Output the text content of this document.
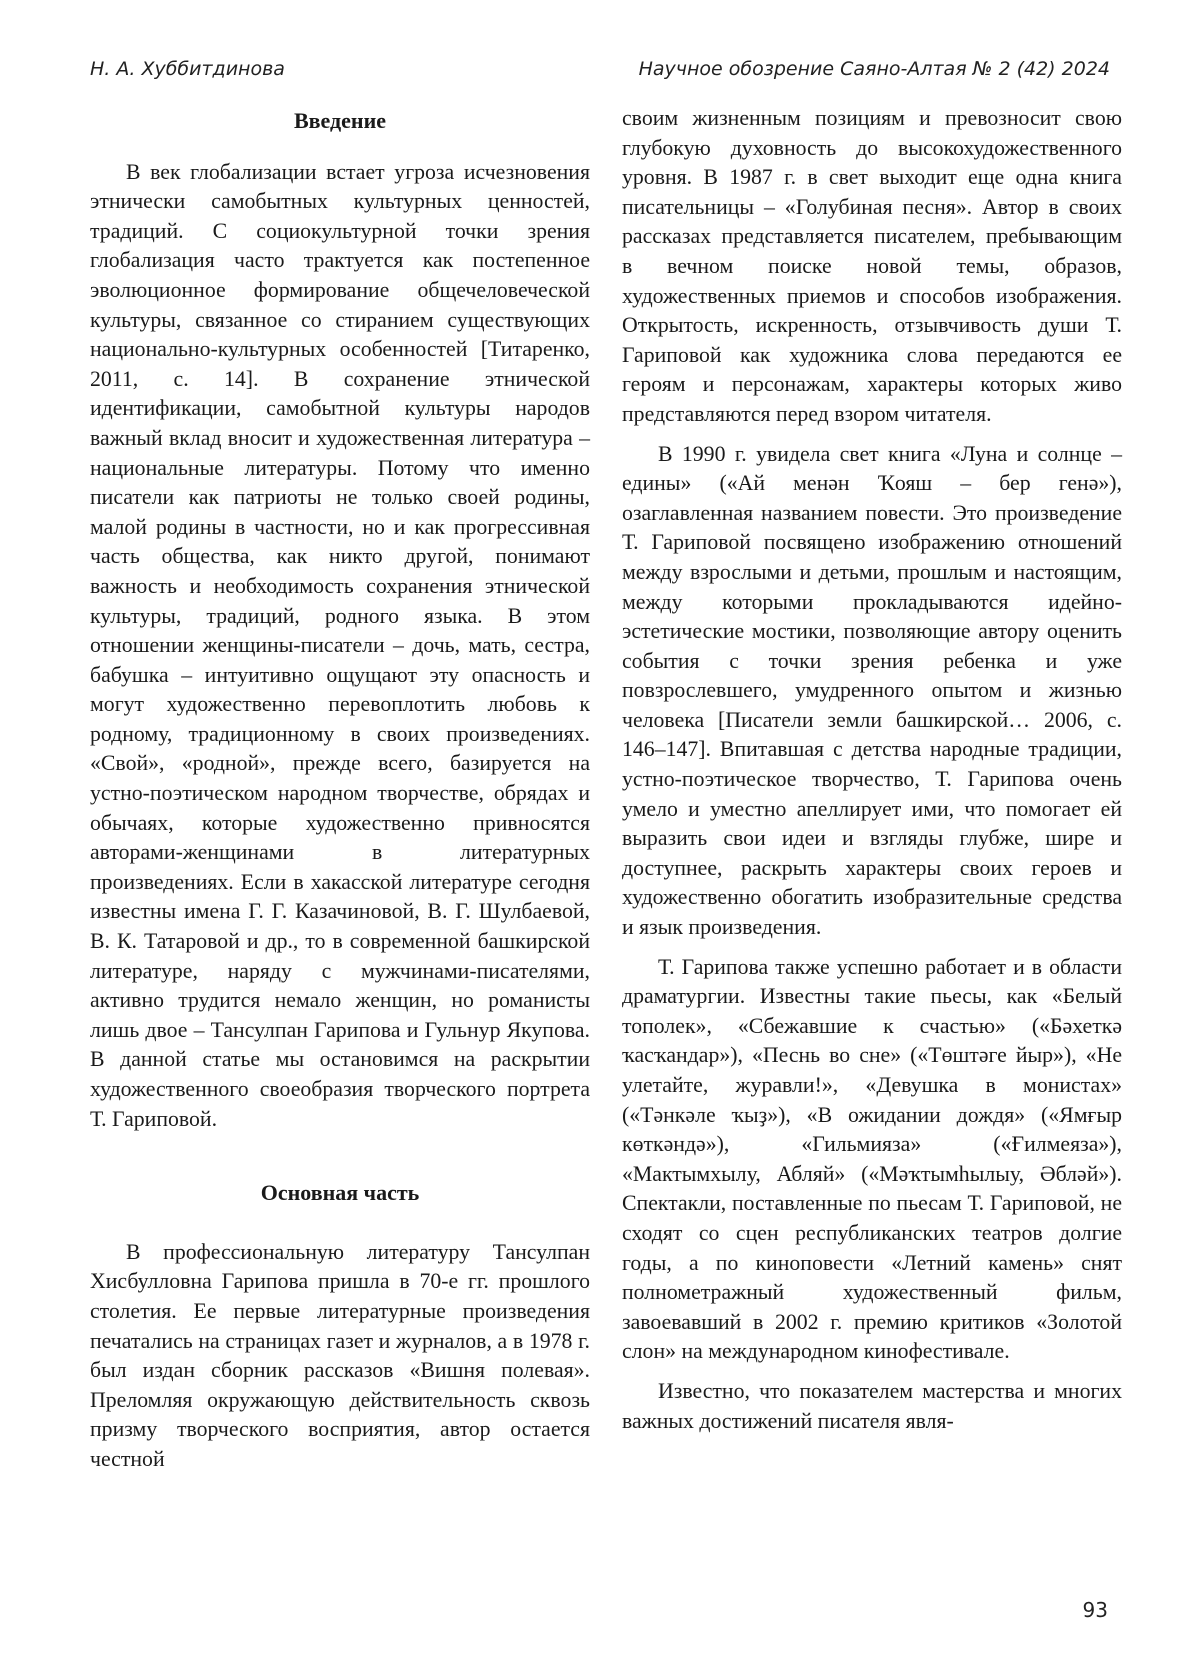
Н. А. Хуббитдинова	Научное обозрение Саяно-Алтая № 2 (42) 2024

Введение

В век глобализации встает угроза исчезновения этнически самобытных культурных ценностей, традиций. С социокультурной точки зрения глобализация часто трактуется как постепенное эволюционное формирование общечеловеческой культуры, связанное со стиранием существующих национально-культурных особенностей [Титаренко, 2011, с. 14]. В сохранение этнической идентификации, самобытной культуры народов важный вклад вносит и художественная литература – национальные литературы. Потому что именно писатели как патриоты не только своей родины, малой родины в частности, но и как прогрессивная часть общества, как никто другой, понимают важность и необходимость сохранения этнической культуры, традиций, родного языка. В этом отношении женщины-писатели – дочь, мать, сестра, бабушка – интуитивно ощущают эту опасность и могут художественно перевоплотить любовь к родному, традиционному в своих произведениях. «Свой», «родной», прежде всего, базируется на устно-поэтическом народном творчестве, обрядах и обычаях, которые художественно привносятся авторами-женщинами в литературных произведениях. Если в хакасской литературе сегодня известны имена Г. Г. Казачиновой, В. Г. Шулбаевой, В. К. Татаровой и др., то в современной башкирской литературе, наряду с мужчинами-писателями, активно трудится немало женщин, но романисты лишь двое – Тансулпан Гарипова и Гульнур Якупова. В данной статье мы остановимся на раскрытии художественного своеобразия творческого портрета Т. Гариповой.

Основная часть

В профессиональную литературу Тансулпан Хисбулловна Гарипова пришла в 70-е гг. прошлого столетия. Ее первые литературные произведения печатались на страницах газет и журналов, а в 1978 г. был издан сборник рассказов «Вишня полевая». Преломляя окружающую действительность сквозь призму творческого восприятия, автор остается честной

своим жизненным позициям и превозносит свою глубокую духовность до высокохудожественного уровня. В 1987 г. в свет выходит еще одна книга писательницы – «Голубиная песня». Автор в своих рассказах представляется писателем, пребывающим в вечном поиске новой темы, образов, художественных приемов и способов изображения. Открытость, искренность, отзывчивость души Т. Гариповой как художника слова передаются ее героям и персонажам, характеры которых живо представляются перед взором читателя.

В 1990 г. увидела свет книга «Луна и солнце – едины» («Ай менән Ҡояш – бер генә»), озаглавленная названием повести. Это произведение Т. Гариповой посвящено изображению отношений между взрослыми и детьми, прошлым и настоящим, между которыми прокладываются идейно-эстетические мостики, позволяющие автору оценить события с точки зрения ребенка и уже повзрослевшего, умудренного опытом и жизнью человека [Писатели земли башкирской… 2006, с. 146–147]. Впитавшая с детства народные традиции, устно-поэтическое творчество, Т. Гарипова очень умело и уместно апеллирует ими, что помогает ей выразить свои идеи и взгляды глубже, шире и доступнее, раскрыть характеры своих героев и художественно обогатить изобразительные средства и язык произведения.

Т. Гарипова также успешно работает и в области драматургии. Известны такие пьесы, как «Белый тополек», «Сбежавшие к счастью» («Бәхеткә ҡасҡандар»), «Песнь во сне» («Төштәге йыр»), «Не улетайте, журавли!», «Девушка в монистах» («Тәнкәле ҡыҙ»), «В ожидании дождя» («Ямғыр көткәндә»), «Гильмияза» («Ғилмеяза»), «Мактымхылу, Абляй» («Мәҡтымһылыу, Әбләй»). Спектакли, поставленные по пьесам Т. Гариповой, не сходят со сцен республиканских театров долгие годы, а по киноповести «Летний камень» снят полнометражный художественный фильм, завоевавший в 2002 г. премию критиков «Золотой слон» на международном кинофестивале.

Известно, что показателем мастерства и многих важных достижений писателя явля-

93
